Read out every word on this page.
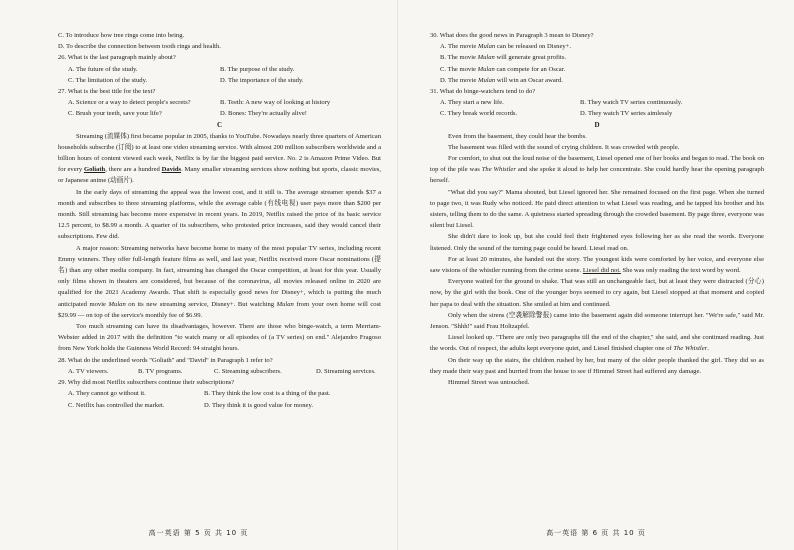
C. To introduce how tree rings come into being.
D. To describe the connection between tooth rings and health.
26. What is the last paragraph mainly about?
A. The future of the study.	B. The purpose of the study.
C. The limitation of the study.	D. The importance of the study.
27. What is the best title for the text?
A. Science or a way to detect people's secrets?	B. Teeth: A new way of looking at history
C. Brush your teeth, save your life?	D. Bones: They're actually alive!
C

Streaming (流媒体) first became popular in 2005, thanks to YouTube. Nowadays nearly three quarters of American households subscribe (订阅) to at least one video streaming service. With almost 200 million subscribers worldwide and a billion hours of content viewed each week, Netflix is by far the biggest paid service. No. 2 is Amazon Prime Video. But for every Goliath, there are a hundred Davids. Many smaller streaming services show nothing but sports, classic movies, or Japanese anime (动画片).

In the early days of streaming the appeal was the lowest cost, and it still is. The average streamer spends $37 a month and subscribes to three streaming platforms, while the average cable (有线电视) user pays more than $200 per month. Still streaming has become more expensive in recent years. In 2019, Netflix raised the price of its basic service 12.5 percent, to $8.99 a month. A quarter of its subscribers, who protested price increases, said they would cancel their subscriptions. Few did.

A major reason: Streaming networks have become home to many of the most popular TV series, including recent Emmy winners. They offer full-length feature films as well, and last year, Netflix received more Oscar nominations (提名) than any other media company. In fact, streaming has changed the Oscar competition, at least for this year. Usually only films shown in theaters are considered, but because of the coronavirus, all movies released online in 2020 are qualified for the 2021 Academy Awards. That shift is especially good news for Disney+, which is putting the much anticipated movie Mulan on its new streaming service, Disney+. But watching Mulan from your own home will cost $29.99 — on top of the service's monthly fee of $6.99.

Too much streaming can have its disadvantages, however. There are those who binge-watch, a term Merriam-Webster added in 2017 with the definition "to watch many or all episodes of (a TV series) on end." Alejandro Fragoso from New York holds the Guinness World Record: 94 straight hours.

28. What do the underlined words "Goliath" and "David" in Paragraph 1 refer to?
A. TV viewers.	B. TV programs.	C. Streaming subscribers.	D. Streaming services.
29. Why did most Netflix subscribers continue their subscriptions?
A. They cannot go without it.	B. They think the low cost is a thing of the past.
C. Netflix has controlled the market.	D. They think it is good value for money.
高一英语 第 5 页 共 10 页
30. What does the good news in Paragraph 3 mean to Disney?
A. The movie Mulan can be released on Disney+.
B. The movie Mulan will generate great profits.
C. The movie Mulan can compete for an Oscar.
D. The movie Mulan will win an Oscar award.
31. What do binge-watchers tend to do?
A. They start a new life.	B. They watch TV series continuously.
C. They break world records.	D. They watch TV series aimlessly
D

Even from the basement, they could hear the bombs.

The basement was filled with the sound of crying children. It was crowded with people.

For comfort, to shut out the loud noise of the basement, Liesel opened one of her books and began to read. The book on top of the pile was The Whistler and she spoke it aloud to help her concentrate. She could hardly hear the opening paragraph herself.

"What did you say?" Mama shouted, but Liesel ignored her. She remained focused on the first page. When she turned to page two, it was Rudy who noticed. He paid direct attention to what Liesel was reading, and he tapped his brother and his sisters, telling them to do the same. A quietness started spreading through the crowded basement. By page three, everyone was silent but Liesel.

She didn't dare to look up, but she could feel their frightened eyes following her as she read the words. Everyone listened. Only the sound of the turning page could be heard. Liesel read on.

For at least 20 minutes, she handed out the story. The youngest kids were comforted by her voice, and everyone else saw visions of the whistler running from the crime scene. Liesel did not. She was only reading the text word by word.

Everyone waited for the ground to shake. That was still an unchangeable fact, but at least they were distracted (分心) now, by the girl with the book. One of the younger boys seemed to cry again, but Liesel stopped at that moment and copied her papa to deal with the situation. She smiled at him and continued.

Only when the sirens (空袭解除警报) came into the basement again did someone interrupt her. "We're safe," said Mr. Jenson. "Shhh!" said Frau Holtzapfel.

Liesel looked up. "There are only two paragraphs till the end of the chapter," she said, and she continued reading. Just the words. Out of respect, the adults kept everyone quiet, and Liesel finished chapter one of The Whistler.

On their way up the stairs, the children rushed by her, but many of the older people thanked the girl. They did so as they made their way past and hurried from the house to see if Himmel Street had suffered any damage.

Himmel Street was untouched.

高一英语 第 6 页 共 10 页
